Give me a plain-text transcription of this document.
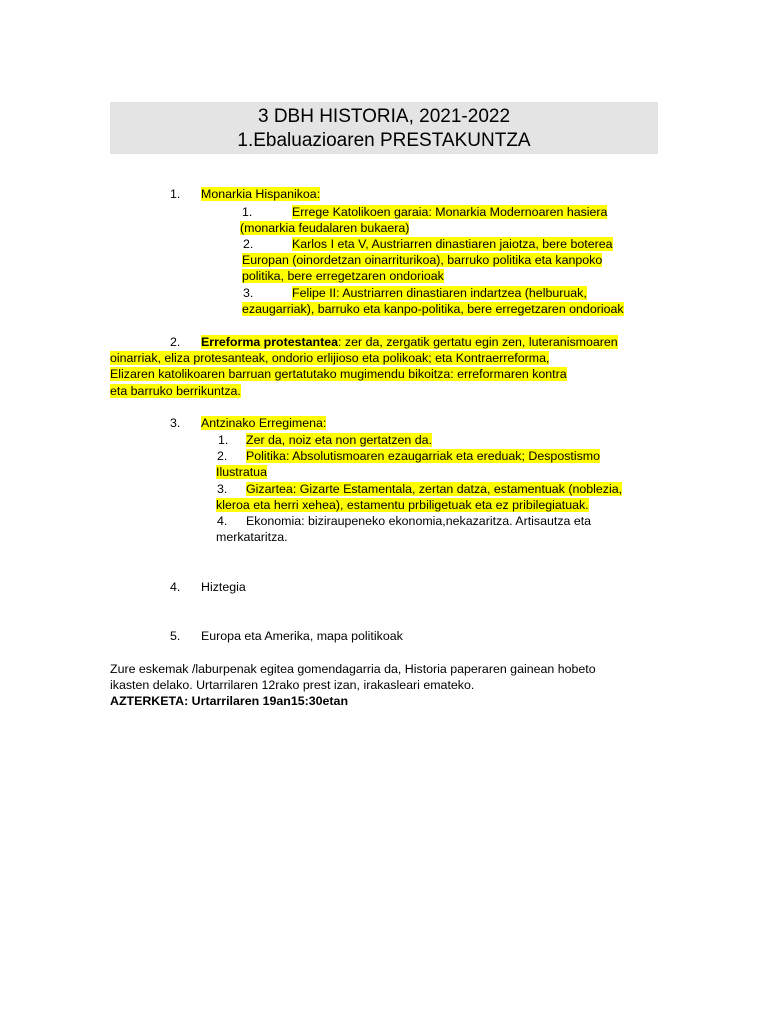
3 DBH HISTORIA, 2021-2022
1.Ebaluazioaren PRESTAKUNTZA
1. Monarkia Hispanikoa:
1.	Errege Katolikoen garaia: Monarkia Modernoaren hasiera
(monarkia feudalaren bukaera)
2.	Karlos I eta V, Austriarren dinastiaren jaiotza, bere boterea
Europan (oinordetzan oinarriturikoa), barruko politika eta kanpoko
politika, bere erregetzaren ondorioak
3.	Felipe II: Austriarren dinastiaren indartzea (helburuak,
ezaugarriak), barruko eta kanpo-politika, bere erregetzaren ondorioak
2. Erreforma protestantea: zer da, zergatik gertatu egin zen, luteranismoaren
oinarriak, eliza protesanteak, ondorio erlijioso eta polikoak; eta Kontraerreforma,
Elizaren katolikoaren barruan gertatutako mugimendu bikoitza: erreformaren kontra
eta barruko berrikuntza.
3. Antzinako Erregimena:
1. Zer da, noiz eta non gertatzen da.
2. Politika: Absolutismoaren ezaugarriak eta ereduak; Despostismo
Ilustratua
3. Gizartea: Gizarte Estamentala, zertan datza, estamentuak (noblezia,
kleroa eta herri xehea), estamentu prbiligetuak eta ez pribilegiatuak.
4. Ekonomia: biziraupeneko ekonomia,nekazaritza. Artisautza eta
merkataritza.
4. Hiztegia
5. Europa eta Amerika, mapa politikoak
Zure eskemak /laburpenak egitea gomendagarria da, Historia paperaren gainean hobeto
ikasten delako. Urtarrilaren 12rako prest izan, irakasleari emateko.
AZTERKETA: Urtarrilaren 19an15:30etan
